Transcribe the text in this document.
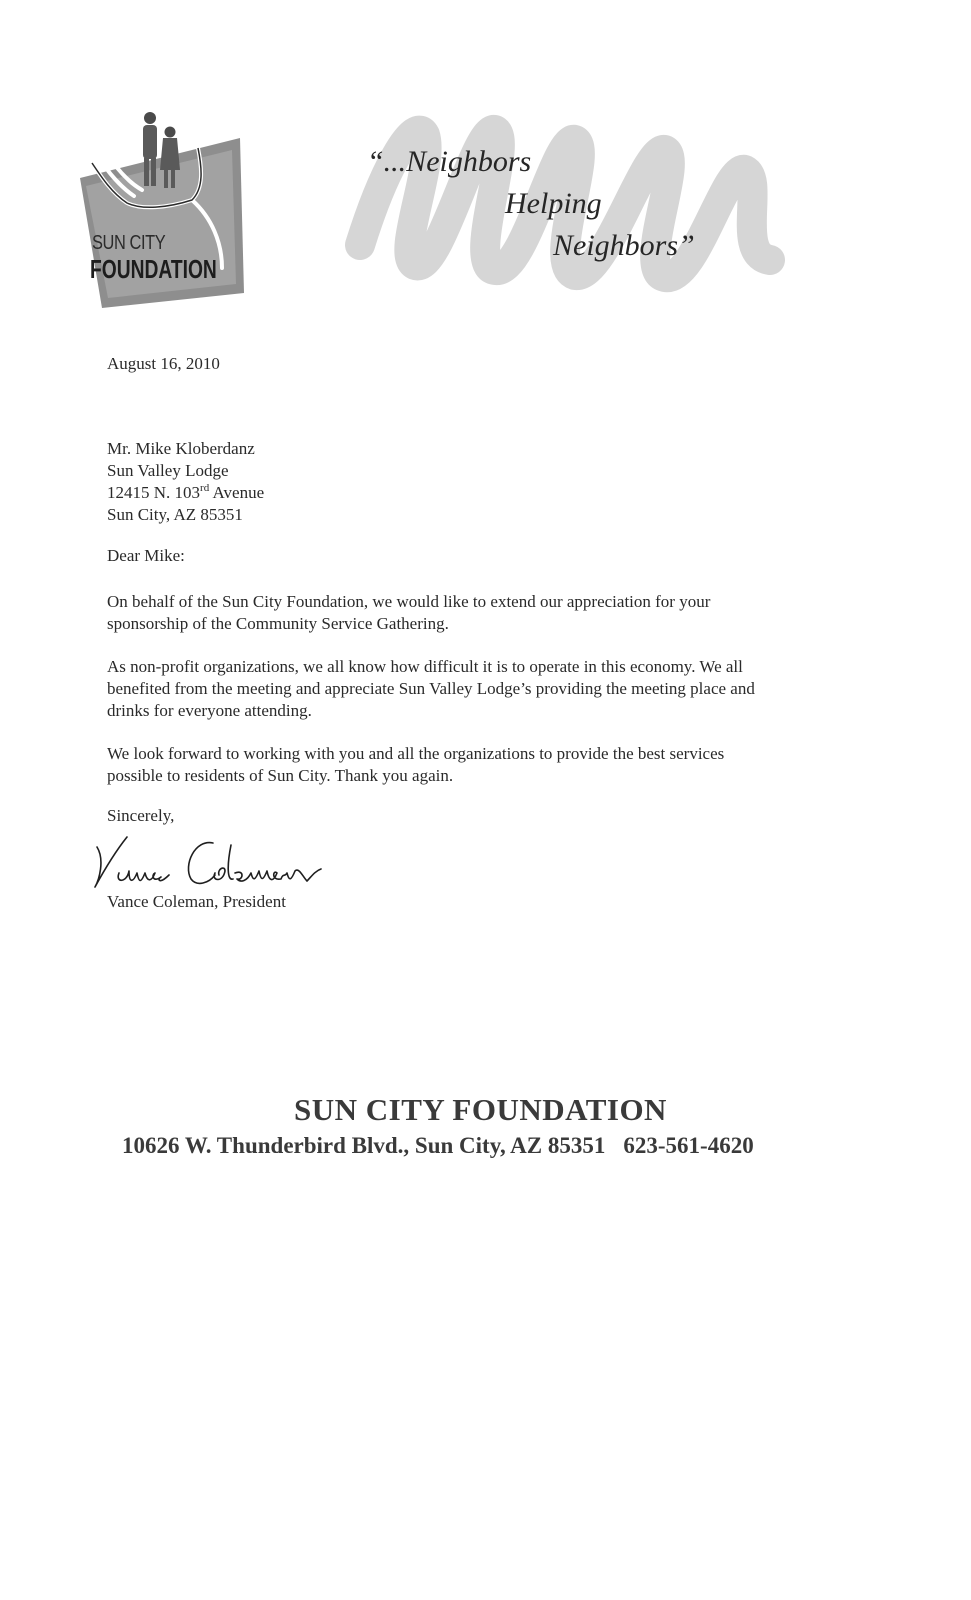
SUN CITY
FOUNDATION
“...Neighbors
Helping
Neighbors”
August 16, 2010
Mr. Mike Kloberdanz
Sun Valley Lodge
12415 N. 103rd Avenue
Sun City, AZ 85351
Dear Mike:
On behalf of the Sun City Foundation, we would like to extend our appreciation for your
sponsorship of the Community Service Gathering.
As non-profit organizations, we all know how difficult it is to operate in this economy. We all
benefited from the meeting and appreciate Sun Valley Lodge’s providing the meeting place and
drinks for everyone attending.
We look forward to working with you and all the organizations to provide the best services
possible to residents of Sun City. Thank you again.
Sincerely,
Vance Coleman, President
SUN CITY FOUNDATION
10626 W. Thunderbird Blvd., Sun City, AZ 85351 623-561-4620
